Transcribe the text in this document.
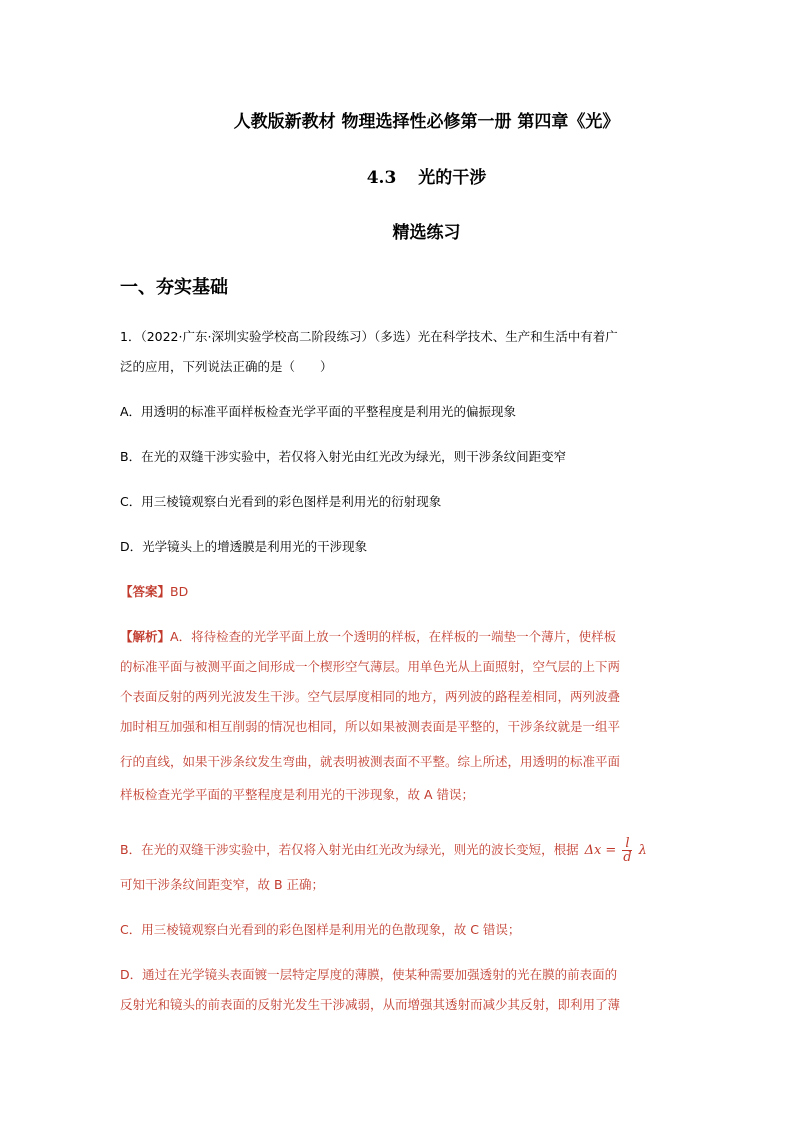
人教版新教材 物理选择性必修第一册 第四章《光》
4.3 光的干涉
精选练习
一、夯实基础
1．（2022·广东·深圳实验学校高二阶段练习）（多选）光在科学技术、生产和生活中有着广
泛的应用，下列说法正确的是（　　）
A．用透明的标准平面样板检查光学平面的平整程度是利用光的偏振现象
B．在光的双缝干涉实验中，若仅将入射光由红光改为绿光，则干涉条纹间距变窄
C．用三棱镜观察白光看到的彩色图样是利用光的衍射现象
D．光学镜头上的增透膜是利用光的干涉现象
【答案】BD
【解析】A．将待检查的光学平面上放一个透明的样板，在样板的一端垫一个薄片，使样板
的标准平面与被测平面之间形成一个楔形空气薄层。用单色光从上面照射，空气层的上下两
个表面反射的两列光波发生干涉。空气层厚度相同的地方，两列波的路程差相同，两列波叠
加时相互加强和相互削弱的情况也相同，所以如果被测表面是平整的，干涉条纹就是一组平
行的直线，如果干涉条纹发生弯曲，就表明被测表面不平整。综上所述，用透明的标准平面
样板检查光学平面的平整程度是利用光的干涉现象，故 A 错误；
B．在光的双缝干涉实验中，若仅将入射光由红光改为绿光，则光的波长变短，根据 $\Delta x = \frac{l}{d}$ λ
可知干涉条纹间距变窄，故 B 正确；
C．用三棱镜观察白光看到的彩色图样是利用光的色散现象，故 C 错误；
D．通过在光学镜头表面镀一层特定厚度的薄膜，使某种需要加强透射的光在膜的前表面的
反射光和镜头的前表面的反射光发生干涉减弱，从而增强其透射而减少其反射，即利用了薄
